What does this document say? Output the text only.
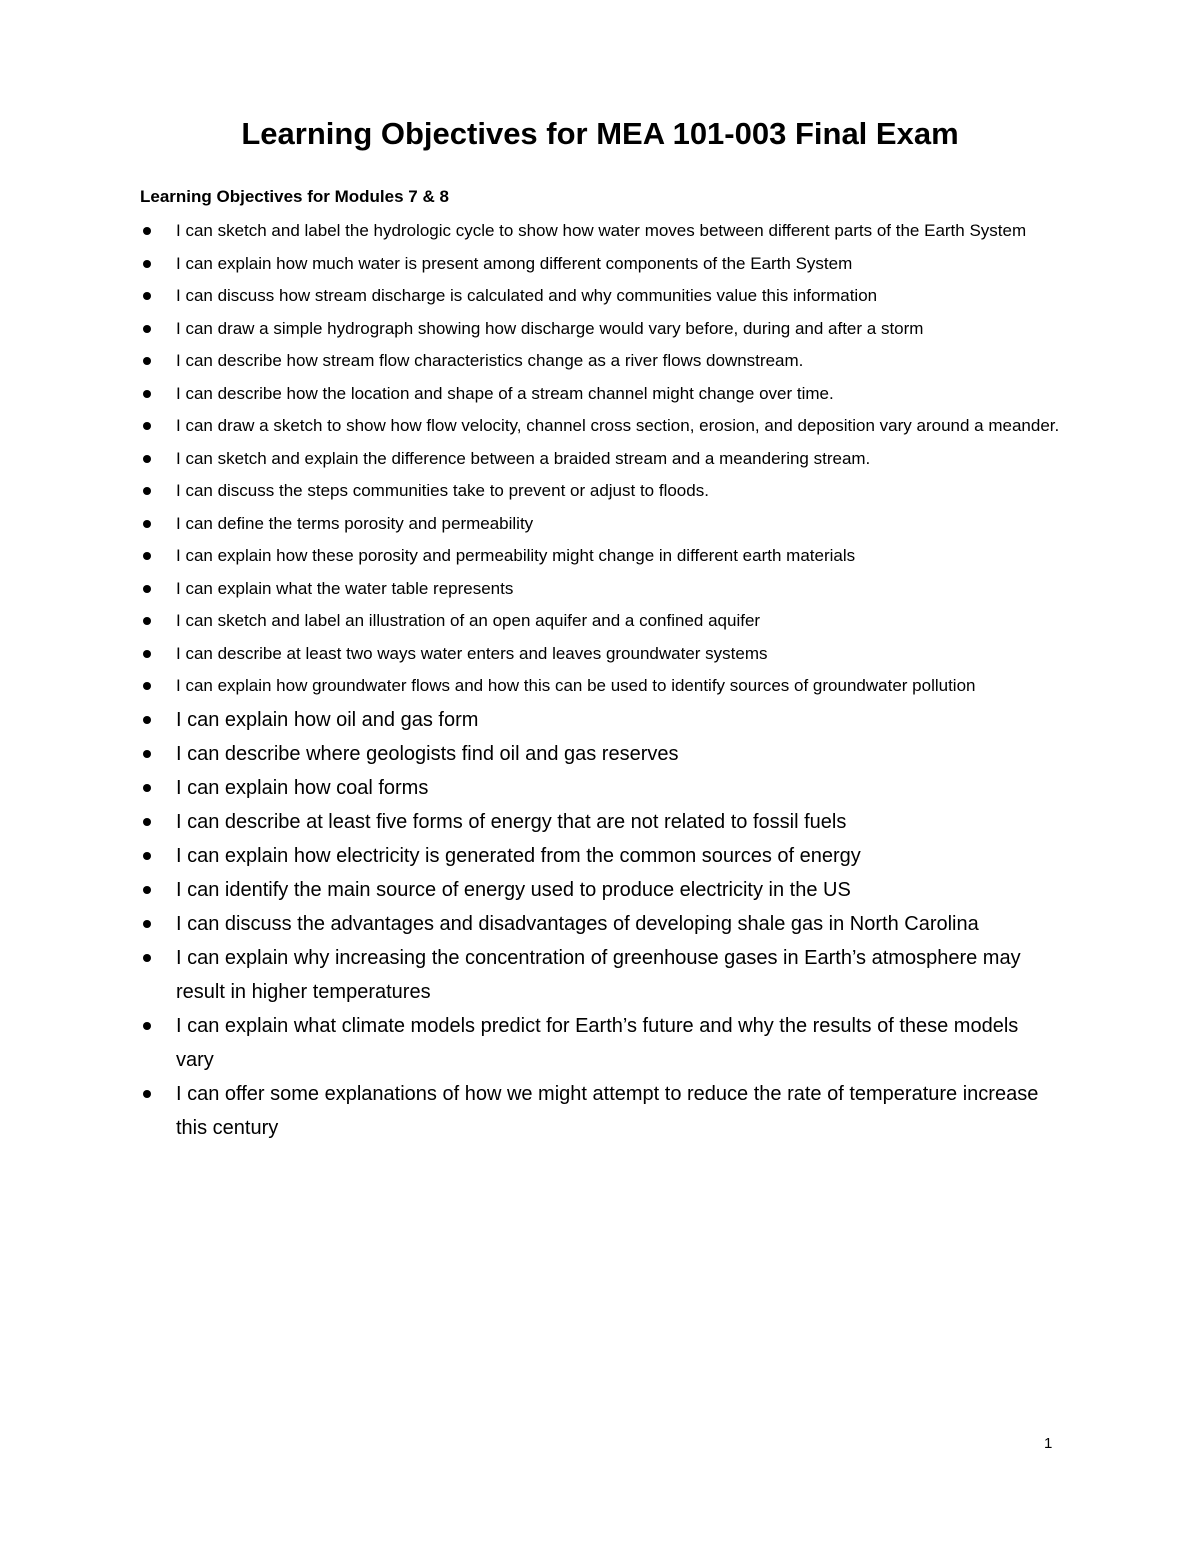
Learning Objectives for MEA 101-003 Final Exam
Learning Objectives for Modules 7 & 8
I can sketch and label the hydrologic cycle to show how water moves between different parts of the Earth System
I can explain how much water is present among different components of the Earth System
I can discuss how stream discharge is calculated and why communities value this information
I can draw a simple hydrograph showing how discharge would vary before, during and after a storm
I can describe how stream flow characteristics change as a river flows downstream.
I can describe how the location and shape of a stream channel might change over time.
I can draw a sketch to show how flow velocity, channel cross section, erosion, and deposition vary around a meander.
I can sketch and explain the difference between a braided stream and a meandering stream.
I can discuss the steps communities take to prevent or adjust to floods.
I can define the terms porosity and permeability
I can explain how these porosity and permeability might change in different earth materials
I can explain what the water table represents
I can sketch and label an illustration of an open aquifer and a confined aquifer
I can describe at least two ways water enters and leaves groundwater systems
I can explain how groundwater flows and how this can be used to identify sources of groundwater pollution
I can explain how oil and gas form
I can describe where geologists find oil and gas reserves
I can explain how coal forms
I can describe at least five forms of energy that are not related to fossil fuels
I can explain how electricity is generated from the common sources of energy
I can identify the main source of energy used to produce electricity in the US
I can discuss the advantages and disadvantages of developing shale gas in North Carolina
I can explain why increasing the concentration of greenhouse gases in Earth’s atmosphere may result in higher temperatures
I can explain what climate models predict for Earth’s future and why the results of these models vary
I can offer some explanations of how we might attempt to reduce the rate of temperature increase this century
1
